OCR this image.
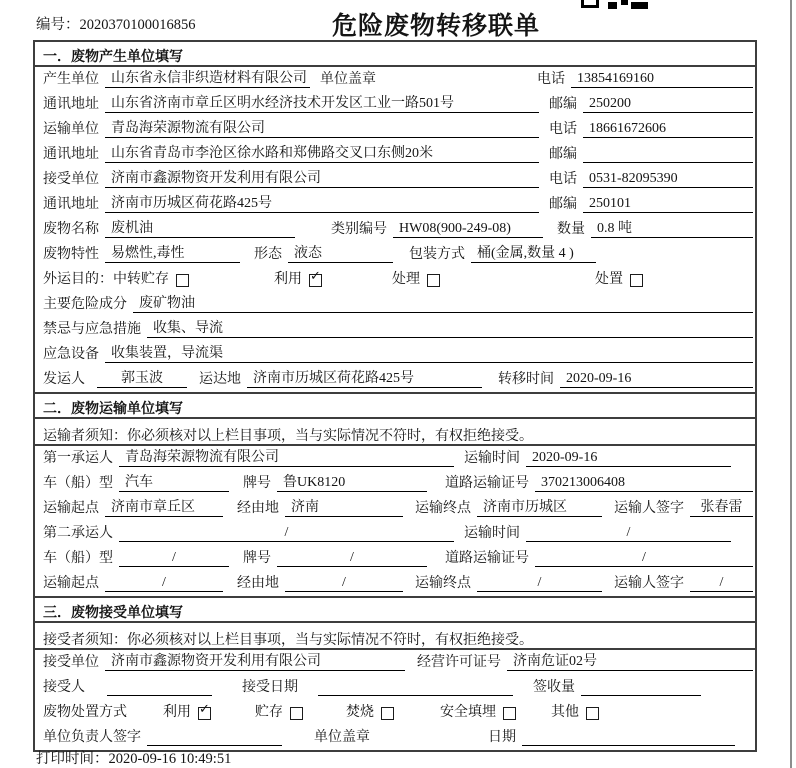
编号：2020370100016856	危险废物转移联单
一．废物产生单位填写
产生单位 山东省永信非织造材料有限公司 单位盖章	电话 13854169160
通讯地址 山东省济南市章丘区明水经济技术开发区工业一路501号	邮编 250200
运输单位 青岛海荣源物流有限公司	电话 18661672606
通讯地址 山东省青岛市李沧区徐水路和郑佛路交叉口东侧20米	邮编
接受单位 济南市鑫源物资开发利用有限公司	电话 0531-82095390
通讯地址 济南市历城区荷花路425号	邮编 250101
废物名称 废机油	类别编号 HW08(900-249-08)	数量 0.8 吨
废物特性 易燃性,毒性	形态 液态	包装方式 桶(金属,数量 4 )
外运目的： 中转贮存	利用 ✓	处理	处置
主要危险成分 废矿物油
禁忌与应急措施 收集、导流
应急设备 收集装置，导流渠
发运人	郭玉波	运达地 济南市历城区荷花路425号	转移时间 2020-09-16
二．废物运输单位填写
运输者须知：你必须核对以上栏目事项，当与实际情况不符时，有权拒绝接受。
第一承运人 青岛海荣源物流有限公司	运输时间 2020-09-16
车（船）型 汽车	牌号 鲁UK8120	道路运输证号 370213006408
运输起点 济南市章丘区	经由地 济南	运输终点 济南市历城区	运输人签字	张春雷
第二承运人	/	运输时间	/
车（船）型	/	牌号	/	道路运输证号	/
运输起点	/	经由地	/	运输终点	/	运输人签字	/
三．废物接受单位填写
接受者须知：你必须核对以上栏目事项，当与实际情况不符时，有权拒绝接受。
接受单位 济南市鑫源物资开发利用有限公司	经营许可证号 济南危证02号
接受人	接受日期	签收量
废物处置方式	利用 ✓	贮存	焚烧	安全填埋	其他
单位负责人签字	单位盖章	日期
打印时间：2020-09-16 10:49:51
